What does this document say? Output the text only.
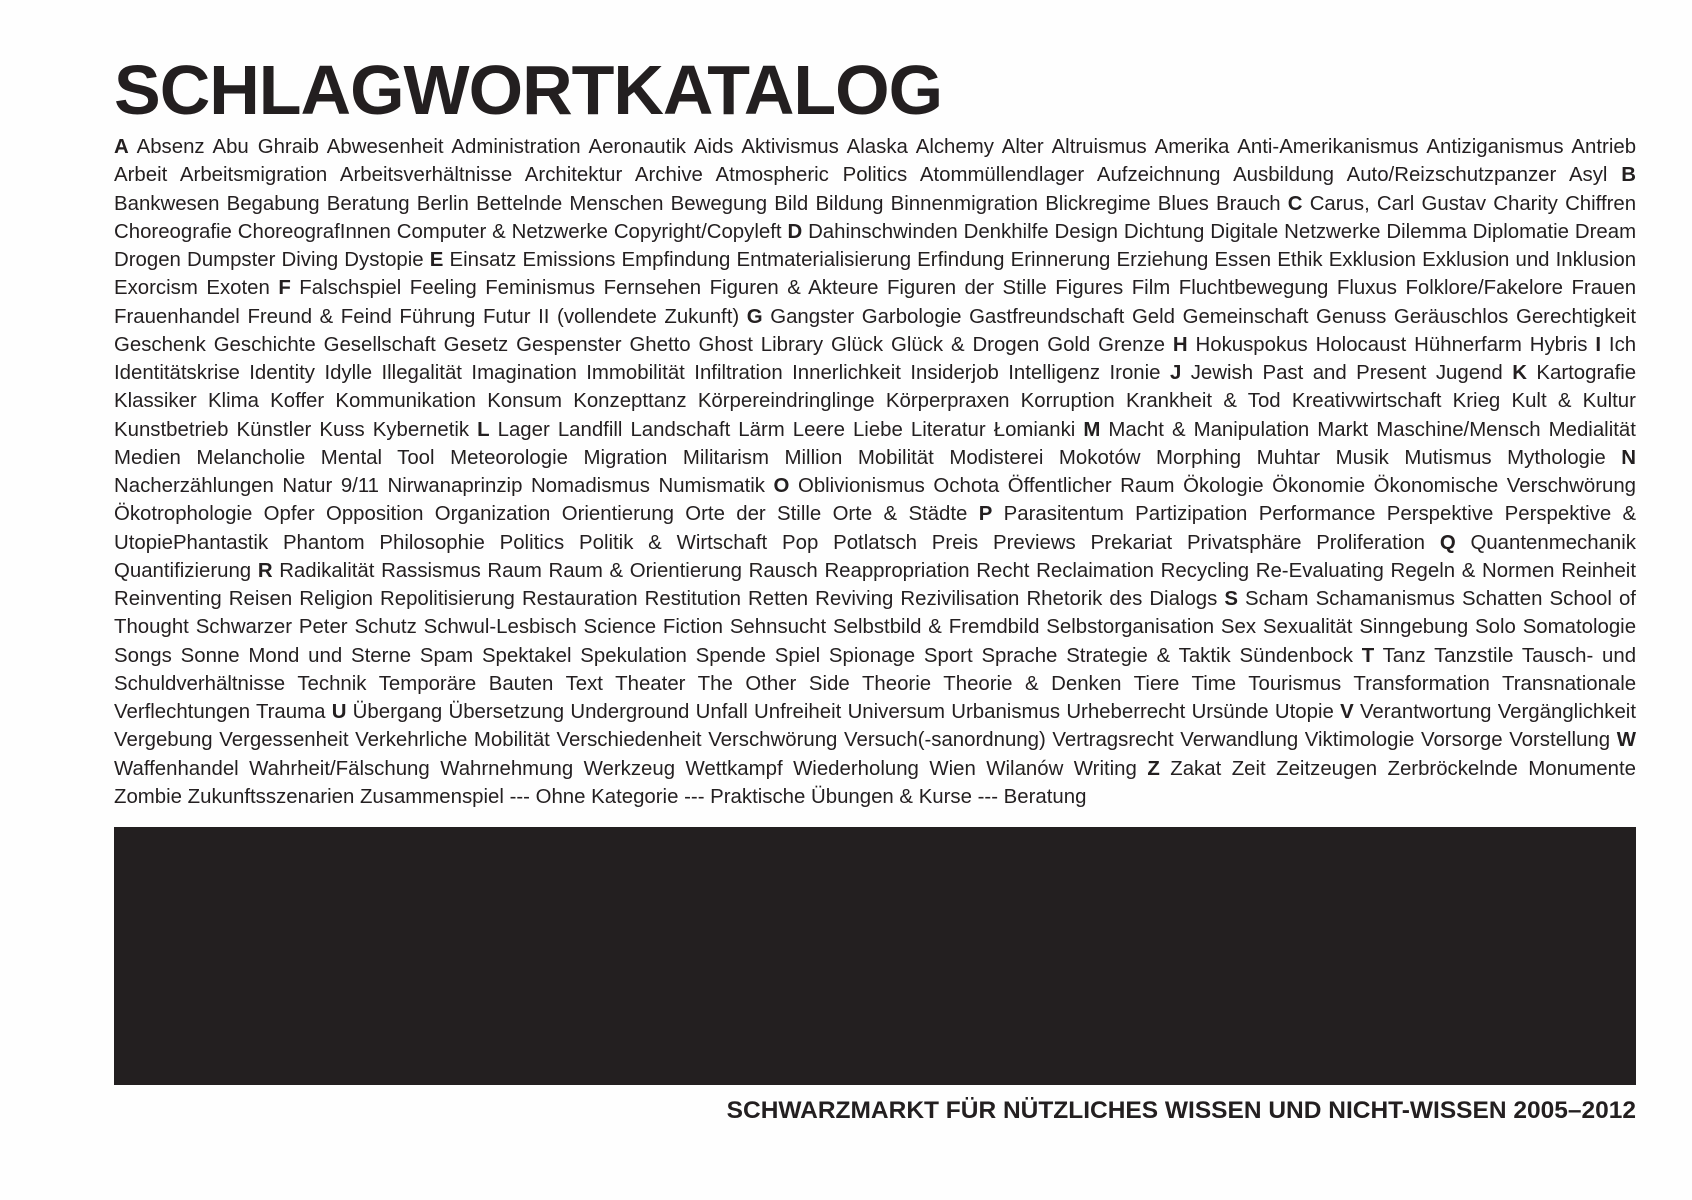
SCHLAGWORTKATALOG
A Absenz Abu Ghraib Abwesenheit Administration Aeronautik Aids Aktivismus Alaska Alchemy Alter Altruismus Amerika Anti-Amerikanismus Antiziganismus Antrieb Arbeit Arbeitsmigration Arbeitsverhältnisse Architektur Archive Atmospheric Politics Atommüllendlager Aufzeichnung Ausbildung Auto/Reizschutzpanzer Asyl B Bankwesen Begabung Beratung Berlin Bettelnde Menschen Bewegung Bild Bildung Binnenmigration Blickregime Blues Brauch C Carus, Carl Gustav Charity Chiffren Choreografie ChoreografInnen Computer & Netzwerke Copyright/Copyleft D Dahinschwinden Denkhilfe Design Dichtung Digitale Netzwerke Dilemma Diplomatie Dream Drogen Dumpster Diving Dystopie E Einsatz Emissions Empfindung Entmaterialisierung Erfindung Erinnerung Erziehung Essen Ethik Exklusion Exklusion und Inklusion Exorcism Exoten F Falschspiel Feeling Feminismus Fernsehen Figuren & Akteure Figuren der Stille Figures Film Fluchtbewegung Fluxus Folklore/Fakelore Frauen Frauenhandel Freund & Feind Führung Futur II (vollendete Zukunft) G Gangster Garbologie Gastfreundschaft Geld Gemeinschaft Genuss Geräuschlos Gerechtigkeit Geschenk Geschichte Gesellschaft Gesetz Gespenster Ghetto Ghost Library Glück Glück & Drogen Gold Grenze H Hokuspokus Holocaust Hühnerfarm Hybris I Ich Identitätskrise Identity Idylle Illegalität Imagination Immobilität Infiltration Innerlichkeit Insiderjob Intelligenz Ironie J Jewish Past and Present Jugend K Kartografie Klassiker Klima Koffer Kommunikation Konsum Konzepttanz Körpereindringlinge Körperpraxen Korruption Krankheit & Tod Kreativwirtschaft Krieg Kult & Kultur Kunstbetrieb Künstler Kuss Kybernetik L Lager Landfill Landschaft Lärm Leere Liebe Literatur Łomianki M Macht & Manipulation Markt Maschine/Mensch Medialität Medien Melancholie Mental Tool Meteorologie Migration Militarism Million Mobilität Modisterei Mokotów Morphing Muhtar Musik Mutismus Mythologie N Nacherzählungen Natur 9/11 Nirwanaprinzip Nomadismus Numismatik O Oblivionismus Ochota Öffentlicher Raum Ökologie Ökonomie Ökonomische Verschwörung Ökotrophologie Opfer Opposition Organization Orientierung Orte der Stille Orte & Städte P Parasitentum Partizipation Performance Perspektive Perspektive & UtopiePhantastik Phantom Philosophie Politics Politik & Wirtschaft Pop Potlatsch Preis Previews Prekariat Privatsphäre Proliferation Q Quantenmechanik Quantifizierung R Radikalität Rassismus Raum Raum & Orientierung Rausch Reappropriation Recht Reclaimation Recycling Re-Evaluating Regeln & Normen Reinheit Reinventing Reisen Religion Repolitisierung Restauration Restitution Retten Reviving Rezivilisation Rhetorik des Dialogs S Scham Schamanismus Schatten School of Thought Schwarzer Peter Schutz Schwul-Lesbisch Science Fiction Sehnsucht Selbstbild & Fremdbild Selbstorganisation Sex Sexualität Sinngebung Solo Somatologie Songs Sonne Mond und Sterne Spam Spektakel Spekulation Spende Spiel Spionage Sport Sprache Strategie & Taktik Sündenbock T Tanz Tanzstile Tausch- und Schuldverhältnisse Technik Temporäre Bauten Text Theater The Other Side Theorie Theorie & Denken Tiere Time Tourismus Transformation Transnationale Verflechtungen Trauma U Übergang Übersetzung Underground Unfall Unfreiheit Universum Urbanismus Urheberrecht Ursünde Utopie V Verantwortung Vergänglichkeit Vergebung Vergessenheit Verkehrliche Mobilität Verschiedenheit Verschwörung Versuch(-sanordnung) Vertragsrecht Verwandlung Viktimologie Vorsorge Vorstellung W Waffenhandel Wahrheit/Fälschung Wahrnehmung Werkzeug Wettkampf Wiederholung Wien Wilanów Writing Z Zakat Zeit Zeitzeugen Zerbröckelnde Monumente Zombie Zukunftsszenarien Zusammenspiel --- Ohne Kategorie --- Praktische Übungen & Kurse --- Beratung
SCHWARZMARKT FÜR NÜTZLICHES WISSEN UND NICHT-WISSEN 2005–2012
